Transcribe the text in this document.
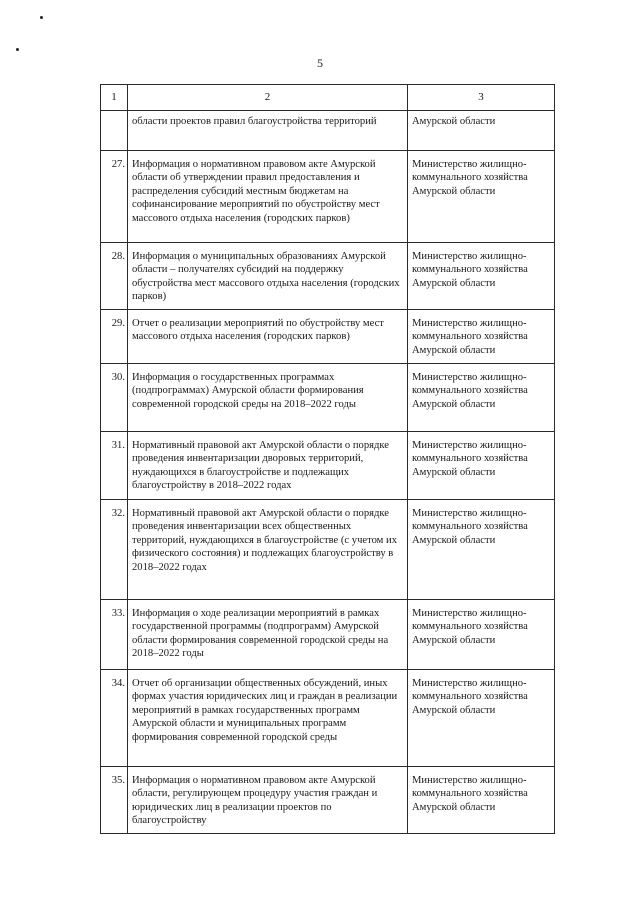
5
1	2	3

	области проектов правил благоустройства территорий	Амурской области

27.	Информация о нормативном правовом акте Амурской области об утверждении правил предоставления и распределения субсидий местным бюджетам на софинансирование мероприятий по обустройству мест массового отдыха населения (городских парков)	Министерство жилищно-коммунального хозяйства Амурской области

28.	Информация о муниципальных образованиях Амурской области – получателях субсидий на поддержку обустройства мест массового отдыха населения (городских парков)	Министерство жилищно-коммунального хозяйства Амурской области

29.	Отчет о реализации мероприятий по обустройству мест массового отдыха населения (городских парков)	Министерство жилищно-коммунального хозяйства Амурской области

30.	Информация о государственных программах (подпрограммах) Амурской области формирования современной городской среды на 2018–2022 годы	Министерство жилищно-коммунального хозяйства Амурской области

31.	Нормативный правовой акт Амурской области о порядке проведения инвентаризации дворовых территорий, нуждающихся в благоустройстве и подлежащих благоустройству в 2018–2022 годах	Министерство жилищно-коммунального хозяйства Амурской области

32.	Нормативный правовой акт Амурской области о порядке проведения инвентаризации всех общественных территорий, нуждающихся в благоустройстве (с учетом их физического состояния) и подлежащих благоустройству в 2018–2022 годах	Министерство жилищно-коммунального хозяйства Амурской области

33.	Информация о ходе реализации мероприятий в рамках государственной программы (подпрограмм) Амурской области формирования современной городской среды на 2018–2022 годы	Министерство жилищно-коммунального хозяйства Амурской области

34.	Отчет об организации общественных обсуждений, иных формах участия юридических лиц и граждан в реализации мероприятий в рамках государственных программ Амурской области и муниципальных программ формирования современной городской среды	Министерство жилищно-коммунального хозяйства Амурской области

35.	Информация о нормативном правовом акте Амурской области, регулирующем процедуру участия граждан и юридических лиц в реализации проектов по благоустройству	Министерство жилищно-коммунального хозяйства Амурской области
